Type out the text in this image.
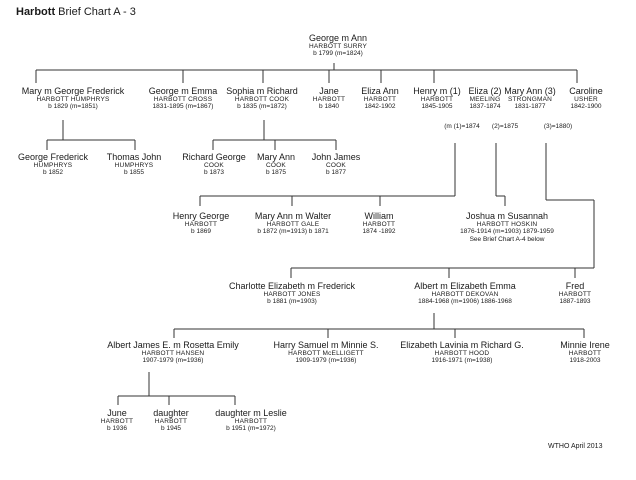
Harbott Brief Chart A - 3
George m Ann
HARBOTT SURRY
b 1799 (m=1824)
Mary m George Frederick
HARBOTT HUMPHRYS
b 1829 (m=1851)
George m Emma
HARBOTT CROSS
1831-1895 (m=1867)
Sophia m Richard
HARBOTT COOK
b 1835 (m=1872)
Jane
HARBOTT
b 1840
Eliza Ann
HARBOTT
1842-1902
Henry m (1)
HARBOTT
1845-1905
Eliza (2)
MEELING
1837-1874
Mary Ann (3)
STRONGMAN
1831-1877
Caroline
USHER
1842-1900
(m (1)=1874 (2)=1875	(3)=1880)
George Frederick
HUMPHRYS
b 1852
Thomas John
HUMPHRYS
b 1855
Richard George
COOK
b 1873
Mary Ann
COOK
b 1875
John James
COOK
b 1877
Henry George
HARBOTT
b 1869
Mary Ann m Walter
HARBOTT GALE
b 1872 (m=1913) b 1871
William
HARBOTT
1874 -1892
Joshua m Susannah
HARBOTT HOSKIN
1876-1914 (m=1903) 1879-1959
See Brief Chart A-4 below
Charlotte Elizabeth m Frederick
HARBOTT JONES
b 1881 (m=1903)
Albert m Elizabeth Emma
HARBOTT DEKOVAN
1884-1968 (m=1906) 1886-1968
Fred
HARBOTT
1887-1893
Albert James E. m Rosetta Emily
HARBOTT HANSEN
1907-1979 (m=1936)
Harry Samuel m Minnie S.
HARBOTT McELLIGETT
1909-1979 (m=1936)
Elizabeth Lavinia m Richard G.
HARBOTT HOOD
1916-1971 (m=1938)
Minnie Irene
HARBOTT
1918-2003
June
HARBOTT
b 1936
daughter
HARBOTT
b 1945
daughter m Leslie
HARBOTT
b 1951 (m=1972)
WTHO April 2013
